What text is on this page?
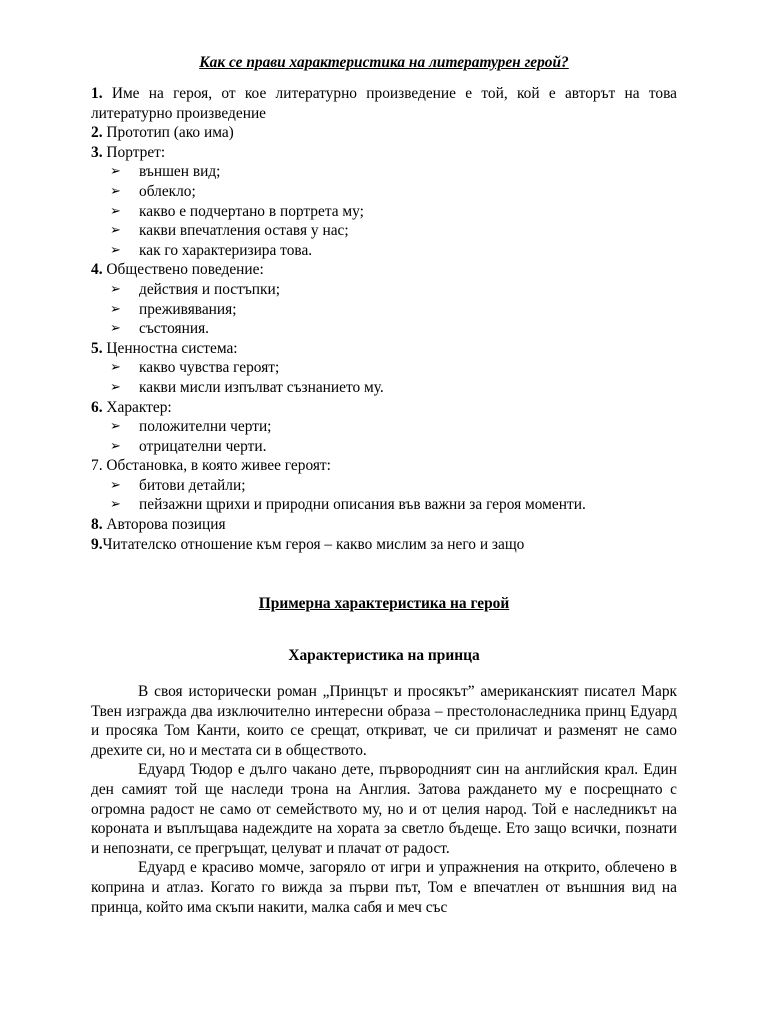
Как се прави характеристика на литературен герой?
1. Име на героя, от кое литературно произведение е той, кой е авторът на това литературно произведение
2. Прототип (ако има)
3. Портрет:
➢ външен вид;
➢ облекло;
➢ какво е подчертано в портрета му;
➢ какви впечатления оставя у нас;
➢ как го характеризира това.
4. Обществено поведение:
➢ действия и постъпки;
➢ преживявания;
➢ състояния.
5. Ценностна система:
➢ какво чувства героят;
➢ какви мисли изпълват съзнанието му.
6. Характер:
➢ положителни черти;
➢ отрицателни черти.
7. Обстановка, в която живее героят:
➢ битови детайли;
➢ пейзажни щрихи и природни описания във важни за героя моменти.
8. Авторова позиция
9.Читателско отношение към героя – какво мислим за него и защо
Примерна характеристика на герой
Характеристика на принца

В своя исторически роман „Принцът и просякът” американският писател Марк Твен изгражда два изключително интересни образа – престолонаследника принц Едуард и просяка Том Канти, които се срещат, откриват, че си приличат и разменят не само дрехите си, но и местата си в обществото.

Едуард Тюдор е дълго чакано дете, първородният син на английския крал. Един ден самият той ще наследи трона на Англия. Затова раждането му е посрещнато с огромна радост не само от семейството му, но и от целия народ. Той е наследникът на короната и въплъщава надеждите на хората за светло бъдеще. Ето защо всички, познати и непознати, се прегръщат, целуват и плачат от радост.

Едуард е красиво момче, загоряло от игри и упражнения на открито, облечено в коприна и атлаз. Когато го вижда за първи път, Том е впечатлен от външния вид на принца, който има скъпи накити, малка сабя и меч със
